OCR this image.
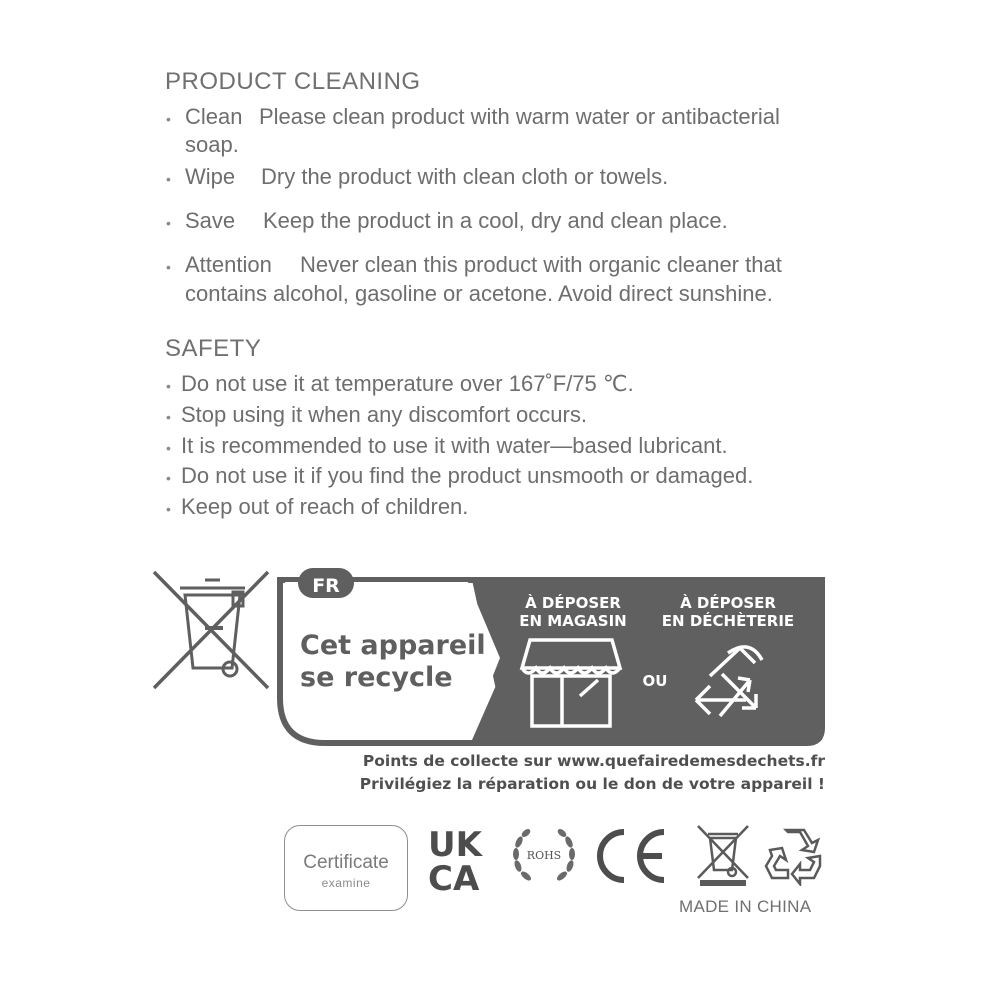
PRODUCT CLEANING
• Clean Please clean product with warm water or antibacterial
soap.
• Wipe Dry the product with clean cloth or towels.
• Save Keep the product in a cool, dry and clean place.
• Attention Never clean this product with organic cleaner that
contains alcohol, gasoline or acetone. Avoid direct sunshine.
SAFETY
• Do not use it at temperature over 167˚F/75 ℃.
• Stop using it when any discomfort occurs.
• It is recommended to use it with water—based lubricant.
• Do not use it if you find the product unsmooth or damaged.
• Keep out of reach of children.
FR
Cet appareil
se recycle
À DÉPOSER
EN MAGASIN
OU
À DÉPOSER
EN DÉCHÈTERIE
Points de collecte sur www.quefairedemesdechets.fr
Privilégiez la réparation ou le don de votre appareil !
Certificate
examine
UK
CA
ROHS
CE
MADE IN CHINA
